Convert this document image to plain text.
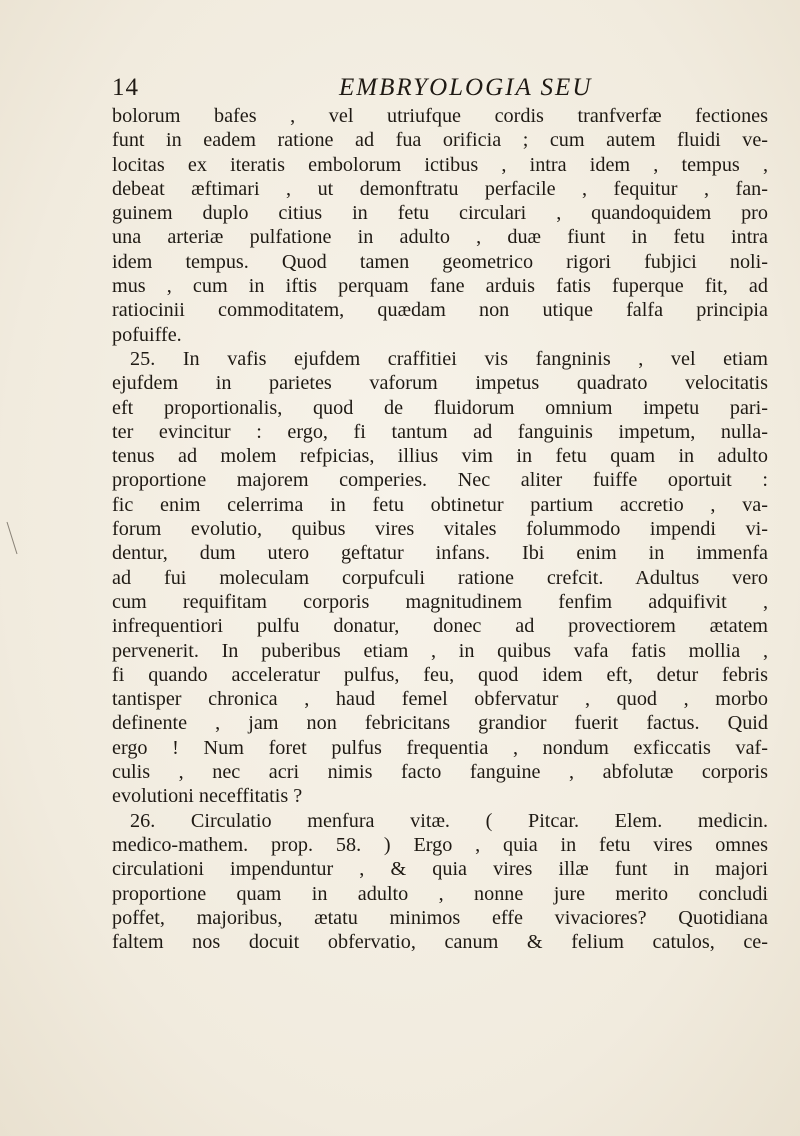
14	EMBRYOLOGIA SEU
bolorum bafes , vel utriufque cordis tranfverfæ fectiones
funt in eadem ratione ad fua orificia ; cum autem fluidi ve-
locitas ex iteratis embolorum ictibus , intra idem , tempus ,
debeat æftimari , ut demonftratu perfacile , fequitur , fan-
guinem duplo citius in fetu circulari , quandoquidem pro
una arteriæ pulfatione in adulto , duæ fiunt in fetu intra
idem tempus. Quod tamen geometrico rigori fubjici noli-
mus , cum in iftis perquam fane arduis fatis fuperque fit, ad
ratiocinii commoditatem, quædam non utique falfa principia
pofuiffe.
25. In vafis ejufdem craffitiei vis fangninis , vel etiam
ejufdem in parietes vaforum impetus quadrato velocitatis
eft proportionalis, quod de fluidorum omnium impetu pari-
ter evincitur : ergo, fi tantum ad fanguinis impetum, nulla-
tenus ad molem refpicias, illius vim in fetu quam in adulto
proportione majorem comperies. Nec aliter fuiffe oportuit :
fic enim celerrima in fetu obtinetur partium accretio , va-
forum evolutio, quibus vires vitales folummodo impendi vi-
dentur, dum utero geftatur infans. Ibi enim in immenfa
ad fui moleculam corpufculi ratione crefcit. Adultus vero
cum requifitam corporis magnitudinem fenfim adquifivit ,
infrequentiori pulfu donatur, donec ad provectiorem ætatem
pervenerit. In puberibus etiam , in quibus vafa fatis mollia ,
fi quando acceleratur pulfus, feu, quod idem eft, detur febris
tantisper chronica , haud femel obfervatur , quod , morbo
definente , jam non febricitans grandior fuerit factus. Quid
ergo ! Num foret pulfus frequentia , nondum exficcatis vaf-
culis , nec acri nimis facto fanguine , abfolutæ corporis
evolutioni neceffitatis ?
26. Circulatio menfura vitæ. ( Pitcar. Elem. medicin.
medico-mathem. prop. 58. ) Ergo , quia in fetu vires omnes
circulationi impenduntur , & quia vires illæ funt in majori
proportione quam in adulto , nonne jure merito concludi
poffet, majoribus, ætatu minimos effe vivaciores? Quotidiana
faltem nos docuit obfervatio, canum & felium catulos, ce-
